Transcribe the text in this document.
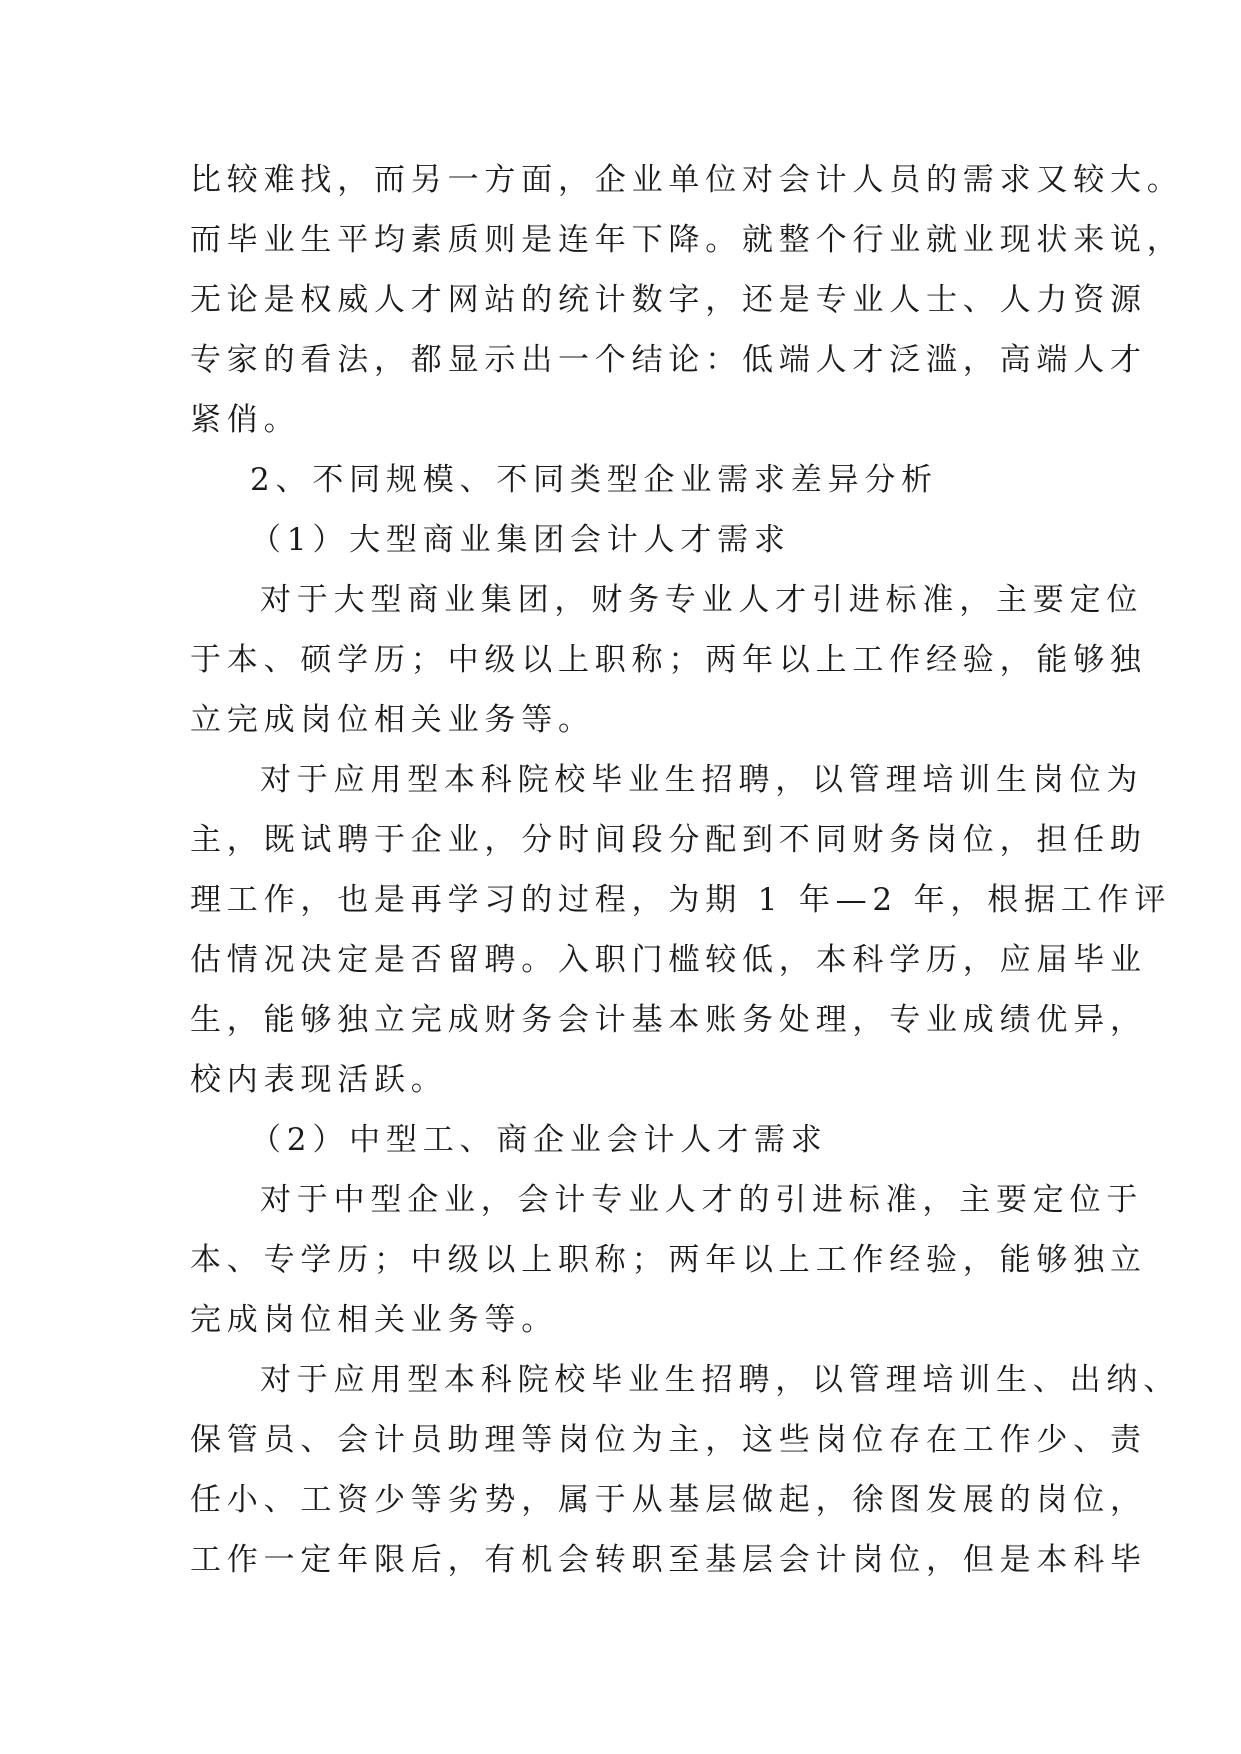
比较难找，而另一方面，企业单位对会计人员的需求又较大。
而毕业生平均素质则是连年下降。就整个行业就业现状来说，
无论是权威人才网站的统计数字，还是专业人士、人力资源
专家的看法，都显示出一个结论：低端人才泛滥，高端人才
紧俏。
2、不同规模、不同类型企业需求差异分析
（1）大型商业集团会计人才需求
对于大型商业集团，财务专业人才引进标准，主要定位
于本、硕学历；中级以上职称；两年以上工作经验，能够独
立完成岗位相关业务等。
对于应用型本科院校毕业生招聘，以管理培训生岗位为
主，既试聘于企业，分时间段分配到不同财务岗位，担任助
理工作，也是再学习的过程，为期 1 年—2 年，根据工作评
估情况决定是否留聘。入职门槛较低，本科学历，应届毕业
生，能够独立完成财务会计基本账务处理，专业成绩优异，
校内表现活跃。
（2）中型工、商企业会计人才需求
对于中型企业，会计专业人才的引进标准，主要定位于
本、专学历；中级以上职称；两年以上工作经验，能够独立
完成岗位相关业务等。
对于应用型本科院校毕业生招聘，以管理培训生、出纳、
保管员、会计员助理等岗位为主，这些岗位存在工作少、责
任小、工资少等劣势，属于从基层做起，徐图发展的岗位，
工作一定年限后，有机会转职至基层会计岗位，但是本科毕
